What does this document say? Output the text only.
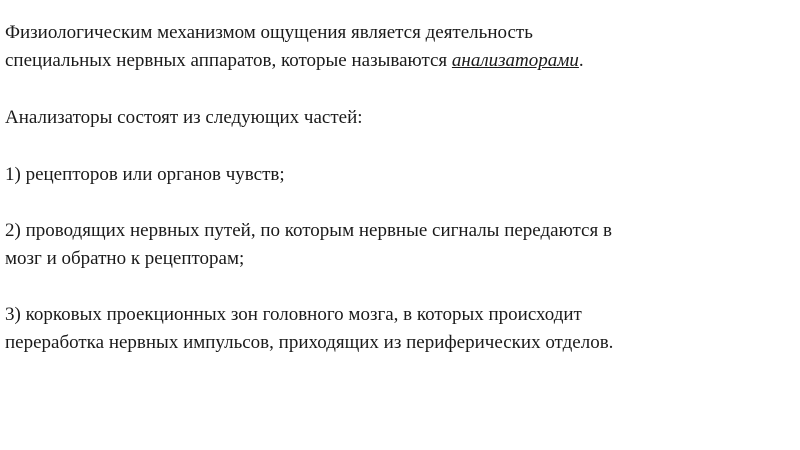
Физиологическим механизмом ощущения является деятельность
специальных нервных аппаратов, которые называются анализаторами.
Анализаторы состоят из следующих частей:
1) рецепторов или органов чувств;
2) проводящих нервных путей, по которым нервные сигналы передаются в
мозг и обратно к рецепторам;
3) корковых проекционных зон головного мозга, в которых происходит
переработка нервных импульсов, приходящих из периферических отделов.
